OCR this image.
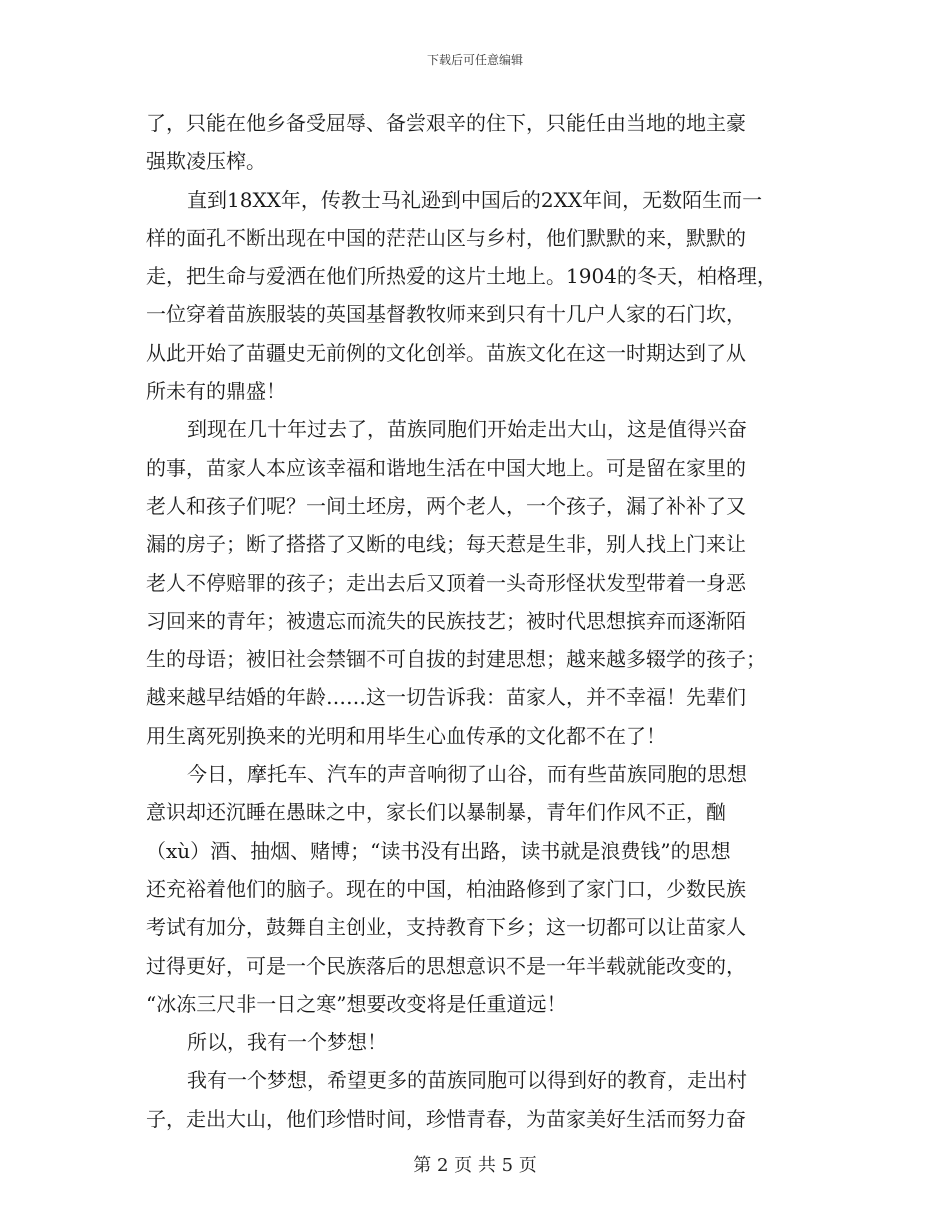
下载后可任意编辑
了，只能在他乡备受屈辱、备尝艰辛的住下，只能任由当地的地主豪
强欺凌压榨。
直到18XX年，传教士马礼逊到中国后的2XX年间，无数陌生而一
样的面孔不断出现在中国的茫茫山区与乡村，他们默默的来，默默的
走，把生命与爱洒在他们所热爱的这片土地上。1904的冬天，柏格理，
一位穿着苗族服装的英国基督教牧师来到只有十几户人家的石门坎，
从此开始了苗疆史无前例的文化创举。苗族文化在这一时期达到了从
所未有的鼎盛！
到现在几十年过去了，苗族同胞们开始走出大山，这是值得兴奋
的事，苗家人本应该幸福和谐地生活在中国大地上。可是留在家里的
老人和孩子们呢？一间土坯房，两个老人，一个孩子，漏了补补了又
漏的房子；断了搭搭了又断的电线；每天惹是生非，别人找上门来让
老人不停赔罪的孩子；走出去后又顶着一头奇形怪状发型带着一身恶
习回来的青年；被遗忘而流失的民族技艺；被时代思想摈弃而逐渐陌
生的母语；被旧社会禁锢不可自拔的封建思想；越来越多辍学的孩子；
越来越早结婚的年龄……这一切告诉我：苗家人，并不幸福！先辈们
用生离死别换来的光明和用毕生心血传承的文化都不在了！
今日，摩托车、汽车的声音响彻了山谷，而有些苗族同胞的思想
意识却还沉睡在愚昧之中，家长们以暴制暴，青年们作风不正，酗
（xù）酒、抽烟、赌博；“读书没有出路，读书就是浪费钱”的思想
还充裕着他们的脑子。现在的中国，柏油路修到了家门口，少数民族
考试有加分，鼓舞自主创业，支持教育下乡；这一切都可以让苗家人
过得更好，可是一个民族落后的思想意识不是一年半载就能改变的，
“冰冻三尺非一日之寒”想要改变将是任重道远！
所以，我有一个梦想！
我有一个梦想，希望更多的苗族同胞可以得到好的教育，走出村
子，走出大山，他们珍惜时间，珍惜青春，为苗家美好生活而努力奋
第 2 页 共 5 页
